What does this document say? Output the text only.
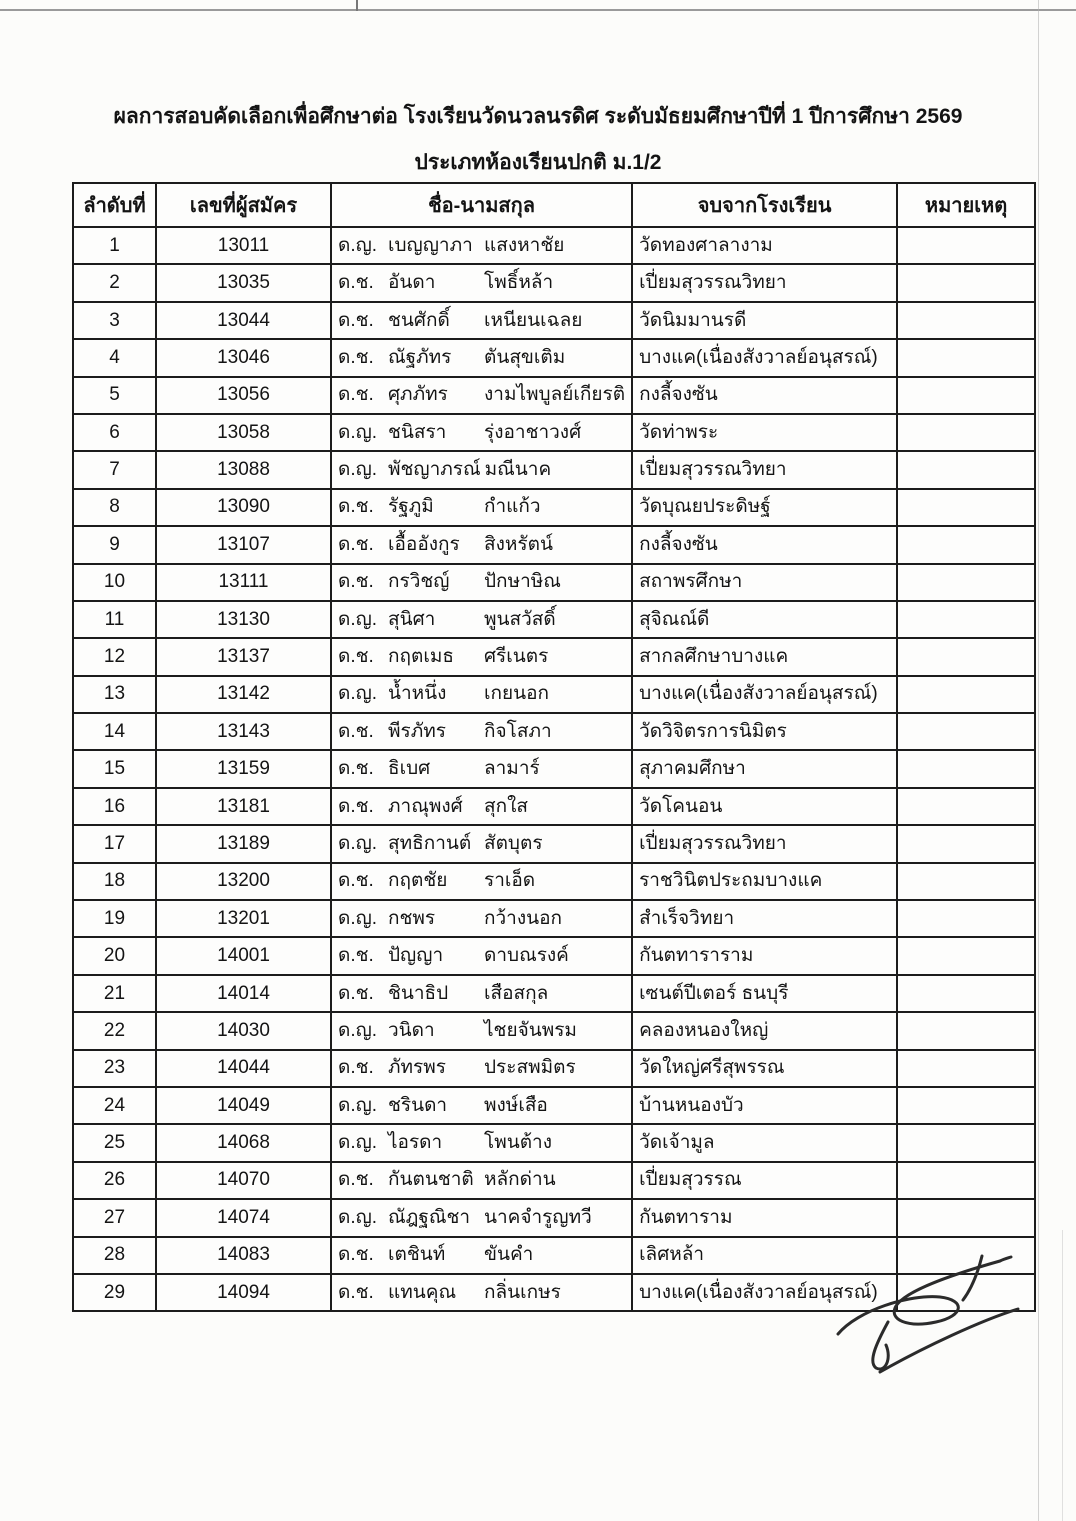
ผลการสอบคัดเลือกเพื่อศึกษาต่อ โรงเรียนวัดนวลนรดิศ ระดับมัธยมศึกษาปีที่ 1 ปีการศึกษา 2569
ประเภทห้องเรียนปกติ ม.1/2
ลำดับที่	เลขที่ผู้สมัคร	ชื่อ-นามสกุล	จบจากโรงเรียน	หมายเหตุ
1	13011	ด.ญ. เบญญาภา แสงหาชัย	วัดทองศาลางาม	
2	13035	ด.ช. อันดา โพธิ์หล้า	เปี่ยมสุวรรณวิทยา	
3	13044	ด.ช. ชนศักดิ์ เหนียนเฉลย	วัดนิมมานรดี	
4	13046	ด.ช. ณัฐภัทร ตันสุขเติม	บางแค(เนื่องสังวาลย์อนุสรณ์)	
5	13056	ด.ช. ศุภภัทร งามไพบูลย์เกียรติ	กงลี้จงซัน	
6	13058	ด.ญ. ชนิสรา รุ่งอาชาวงศ์	วัดท่าพระ	
7	13088	ด.ญ. พัชญาภรณ์ มณีนาค	เปี่ยมสุวรรณวิทยา	
8	13090	ด.ช. รัฐภูมิ กำแก้ว	วัดบุณยประดิษฐ์	
9	13107	ด.ช. เอื้ออังกูร สิงหรัตน์	กงลี้จงซัน	
10	13111	ด.ช. กรวิชญ์ ปักษาษิณ	สถาพรศึกษา	
11	13130	ด.ญ. สุนิศา พูนสวัสดิ์	สุจิณณ์ดี	
12	13137	ด.ช. กฤตเมธ ศรีเนตร	สากลศึกษาบางแค	
13	13142	ด.ญ. น้ำหนึ่ง เกยนอก	บางแค(เนื่องสังวาลย์อนุสรณ์)	
14	13143	ด.ช. พีรภัทร กิจโสภา	วัดวิจิตรการนิมิตร	
15	13159	ด.ช. ธิเบศ ลามาร์	สุภาคมศึกษา	
16	13181	ด.ช. ภาณุพงศ์ สุกใส	วัดโคนอน	
17	13189	ด.ญ. สุทธิกานต์ สัตบุตร	เปี่ยมสุวรรณวิทยา	
18	13200	ด.ช. กฤตชัย ราเอ็ด	ราชวินิตประถมบางแค	
19	13201	ด.ญ. กชพร กว้างนอก	สำเร็จวิทยา	
20	14001	ด.ช. ปัญญา ดาบณรงค์	กันตทาราราม	
21	14014	ด.ช. ชินาธิป เสือสกุล	เซนต์ปีเตอร์ ธนบุรี	
22	14030	ด.ญ. วนิดา ไชยจันพรม	คลองหนองใหญ่	
23	14044	ด.ช. ภัทรพร ประสพมิตร	วัดใหญ่ศรีสุพรรณ	
24	14049	ด.ญ. ชรินดา พงษ์เสือ	บ้านหนองบัว	
25	14068	ด.ญ. ไอรดา โพนต้าง	วัดเจ้ามูล	
26	14070	ด.ช. กันตนชาติ หลักด่าน	เปี่ยมสุวรรณ	
27	14074	ด.ญ. ณัฎฐณิชา นาคจำรูญทวี	กันตทาราม	
28	14083	ด.ช. เตชินท์ ขันคำ	เลิศหล้า	
29	14094	ด.ช. แทนคุณ กลิ่นเกษร	บางแค(เนื่องสังวาลย์อนุสรณ์)	
